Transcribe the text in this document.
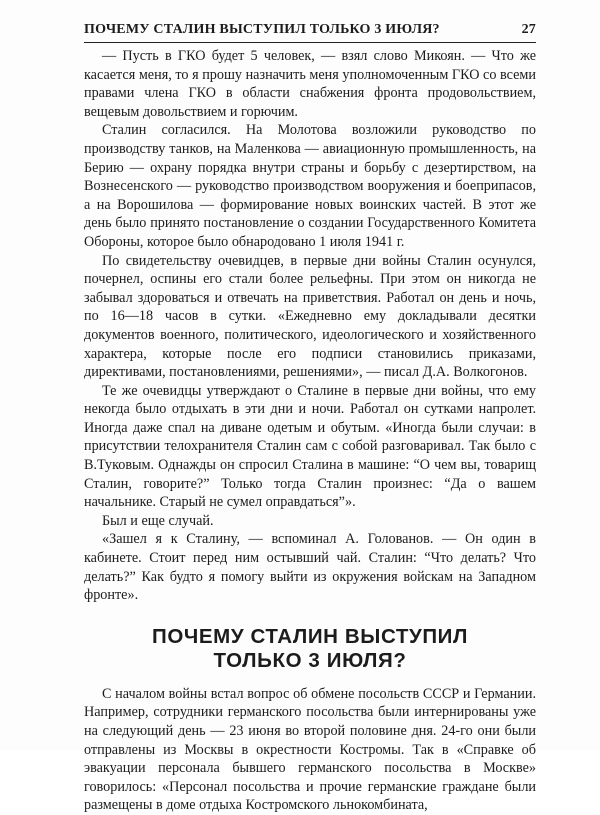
ПОЧЕМУ СТАЛИН ВЫСТУПИЛ ТОЛЬКО 3 ИЮЛЯ?	27

— Пусть в ГКО будет 5 человек, — взял слово Микоян. — Что же касается меня, то я прошу назначить меня уполномоченным ГКО со всеми правами члена ГКО в области снабжения фронта продовольствием, вещевым довольствием и горючим.

Сталин согласился. На Молотова возложили руководство по производству танков, на Маленкова — авиационную промышленность, на Берию — охрану порядка внутри страны и борьбу с дезертирством, на Вознесенского — руководство производством вооружения и боеприпасов, а на Ворошилова — формирование новых воинских частей. В этот же день было принято постановление о создании Государственного Комитета Обороны, которое было обнародовано 1 июля 1941 г.

По свидетельству очевидцев, в первые дни войны Сталин осунулся, почернел, оспины его стали более рельефны. При этом он никогда не забывал здороваться и отвечать на приветствия. Работал он день и ночь, по 16—18 часов в сутки. «Ежедневно ему докладывали десятки документов военного, политического, идеологического и хозяйственного характера, которые после его подписи становились приказами, директивами, постановлениями, решениями», — писал Д.А. Волкогонов.

Те же очевидцы утверждают о Сталине в первые дни войны, что ему некогда было отдыхать в эти дни и ночи. Работал он сутками напролет. Иногда даже спал на диване одетым и обутым. «Иногда были случаи: в присутствии телохранителя Сталин сам с собой разговаривал. Так было с В.Туковым. Однажды он спросил Сталина в машине: “О чем вы, товарищ Сталин, говорите?” Только тогда Сталин произнес: “Да о вашем начальнике. Старый не сумел оправдаться”».

Был и еще случай.

«Зашел я к Сталину, — вспоминал А. Голованов. — Он один в кабинете. Стоит перед ним остывший чай. Сталин: “Что делать? Что делать?” Как будто я помогу выйти из окружения войскам на Западном фронте».

ПОЧЕМУ СТАЛИН ВЫСТУПИЛ
ТОЛЬКО 3 ИЮЛЯ?

С началом войны встал вопрос об обмене посольств СССР и Германии. Например, сотрудники германского посольства были интернированы уже на следующий день — 23 июня во второй половине дня. 24-го они были отправлены из Москвы в окрестности Костромы. Так в «Справке об эвакуации персонала бывшего германского посольства в Москве» говорилось: «Персонал посольства и прочие германские граждане были размещены в доме отдыха Костромского льнокомбината,
